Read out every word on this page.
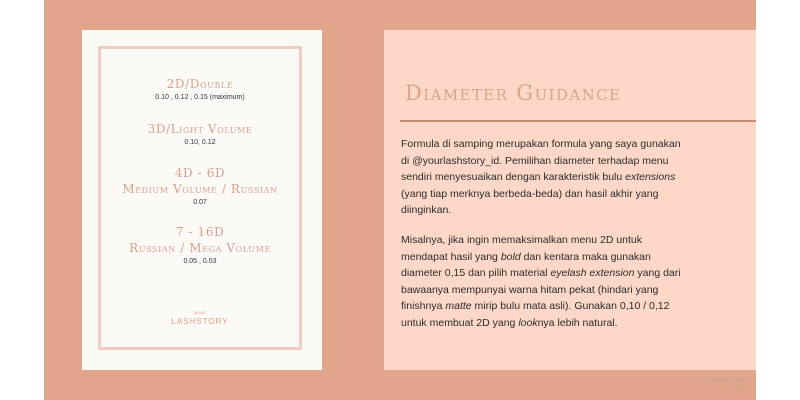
2D/Double
0.10 , 0.12 , 0.15 (maximum)
3D/Light Volume
0.10, 0.12
4D - 6D
Medium Volume / Russian
0.07
7 - 16D
Russian / Mega Volume
0.05 , 0.03
your
LASHSTORY
Diameter Guidance
Formula di samping merupakan formula yang saya gunakan
di @yourlashstory_id. Pemilihan diameter terhadap menu
sendiri menyesuaikan dengan karakteristik bulu extensions
(yang tiap merknya berbeda-beda) dan hasil akhir yang
diinginkan.
Misalnya, jika ingin memaksimalkan menu 2D untuk
mendapat hasil yang bold dan kentara maka gunakan
diameter 0,15 dan pilih material eyelash extension yang dari
bawaanya mempunyai warna hitam pekat (hindari yang
finishnya matte mirip bulu mata asli). Gunakan 0,10 / 0,12
untuk membuat 2D yang looknya lebih natural.
RAZ Moders 2022
Udemy
